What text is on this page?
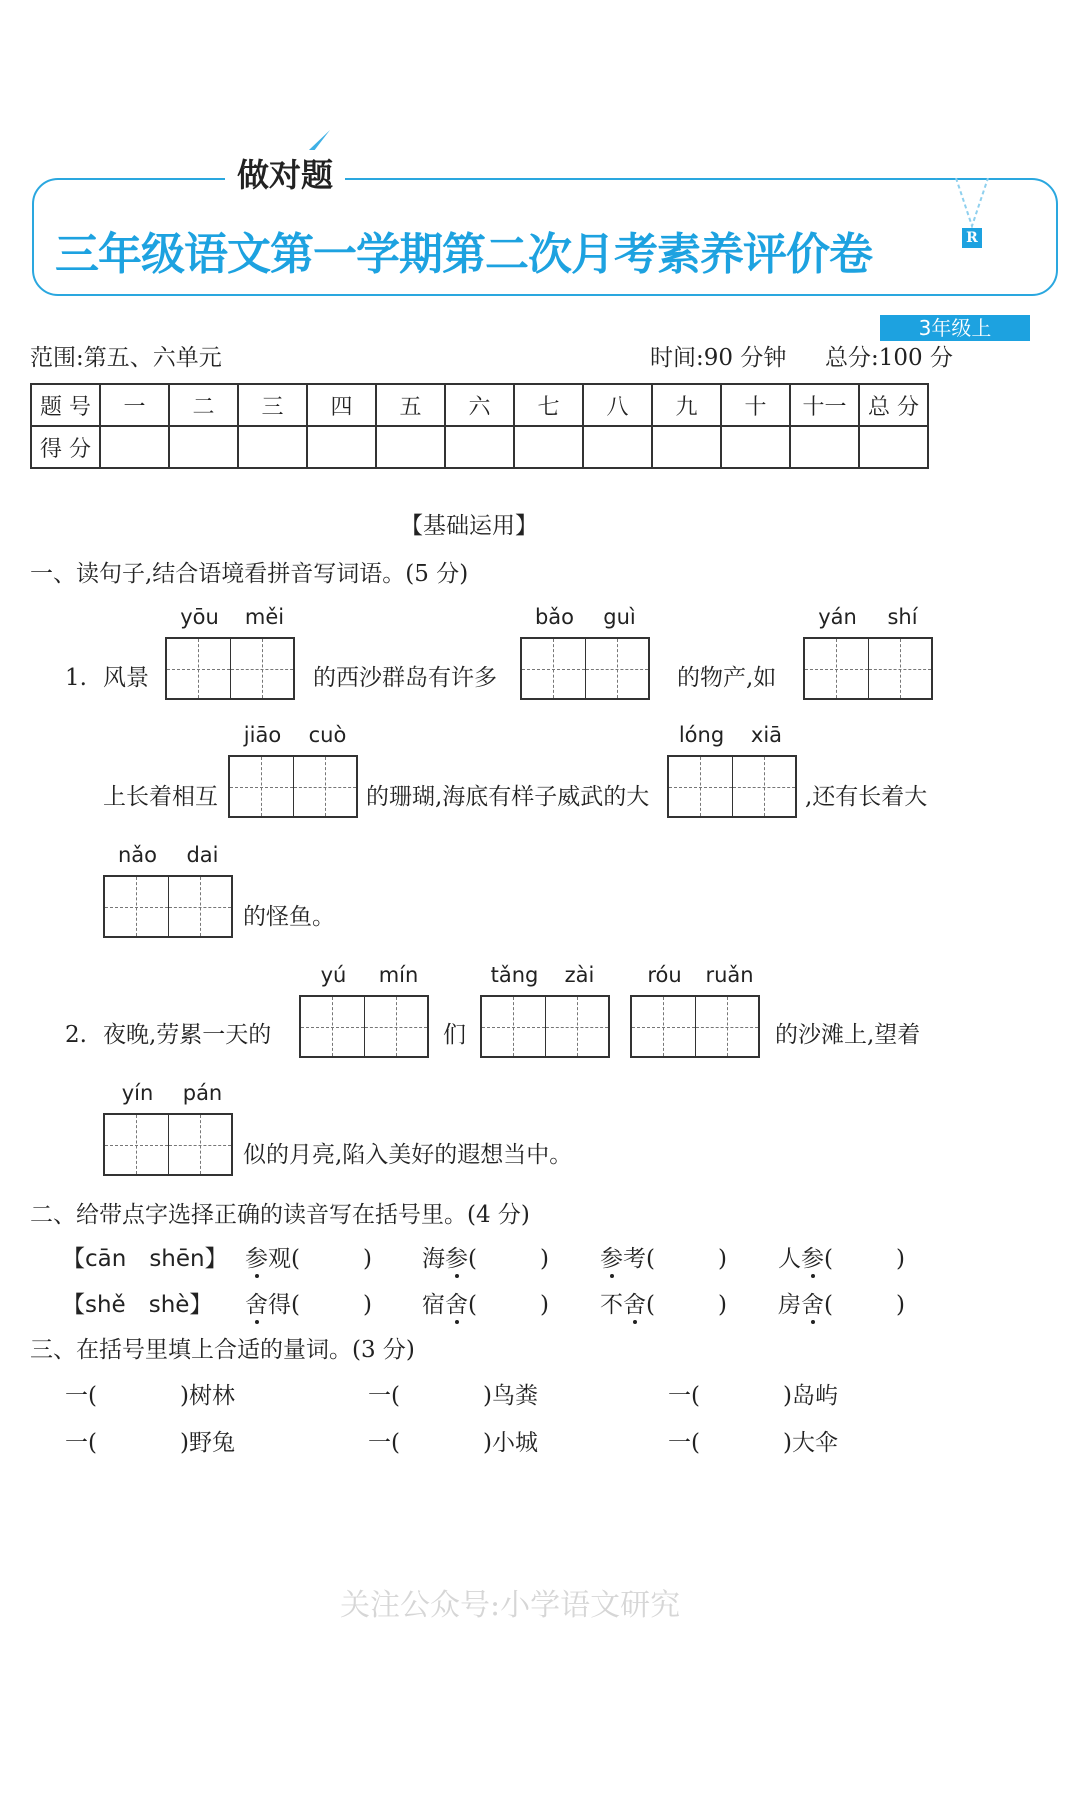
做对题
三年级语文第一学期第二次月考素养评价卷	R
3年级上
范围:第五、六单元	时间:90 分钟 总分:100 分
题 号	一	二	三	四	五	六	七	八	九	十	十一	总 分
得 分												
【基础运用】
一、读句子,结合语境看拼音写词语。(5 分)
1. 风景	的西沙群岛有许多	的物产,如
上长着相互	的珊瑚,海底有样子威武的大	,还有长着大
的怪鱼。
2. 夜晚,劳累一天的	们	的沙滩上,望着
似的月亮,陷入美好的遐想当中。
yōu	měi	bǎo	guì	yán	shí
jiāo	cuò	lóng	xiā
nǎo	dai
yú	mín	tǎng	zài	róu	ruǎn
yín	pán
关注公众号:小学语文研究
二、给带点字选择正确的读音写在括号里。(4 分)
【cān　shēn】 参观(	) 海参(	) 参考(	) 人参(	)
【shě　shè】 舍得(	) 宿舍(	) 不舍(	) 房舍(	)
三、在括号里填上合适的量词。(3 分)
一(	)树林	一(	)鸟粪	一(	)岛屿
一(	)野兔	一(	)小城	一(	)大伞
